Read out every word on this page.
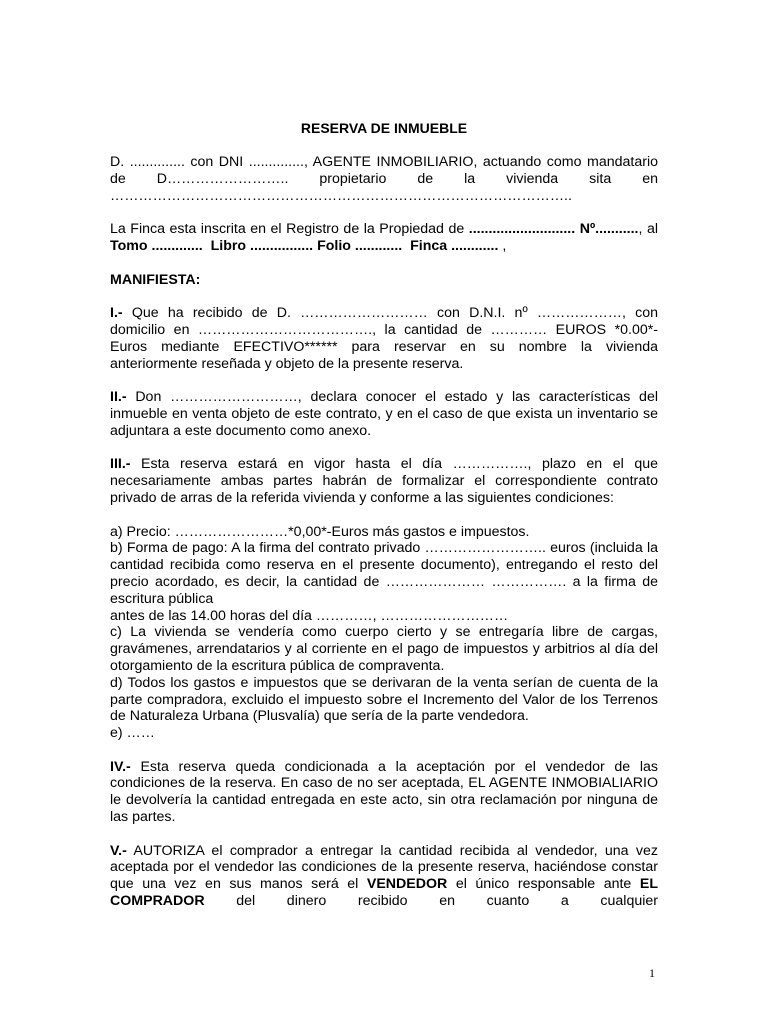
RESERVA DE INMUEBLE

D. .............. con DNI .............., AGENTE INMOBILIARIO, actuando como mandatario de D…………………….. propietario de la vivienda sita en ……………………………………………………………………………………..

La Finca esta inscrita en el Registro de la Propiedad de ........................... Nº..........., al Tomo ............. Libro ................ Folio ............ Finca ............ ,

MANIFIESTA:

I.- Que ha recibido de D. ……………………… con D.N.I. nº ………………, con domicilio en ………………………………., la cantidad de ………… EUROS *0.00*-Euros mediante EFECTIVO****** para reservar en su nombre la vivienda anteriormente reseñada y objeto de la presente reserva.

II.- Don ………………………, declara conocer el estado y las características del inmueble en venta objeto de este contrato, y en el caso de que exista un inventario se adjuntara a este documento como anexo.

III.- Esta reserva estará en vigor hasta el día ……………., plazo en el que necesariamente ambas partes habrán de formalizar el correspondiente contrato privado de arras de la referida vivienda y conforme a las siguientes condiciones:

a) Precio: ……………………*0,00*-Euros más gastos e impuestos.

b) Forma de pago: A la firma del contrato privado …………………….. euros (incluida la cantidad recibida como reserva en el presente documento), entregando el resto del precio acordado, es decir, la cantidad de ………………… ……………. a la firma de escritura pública

antes de las 14.00 horas del día …………, ………………………

c) La vivienda se vendería como cuerpo cierto y se entregaría libre de cargas, gravámenes, arrendatarios y al corriente en el pago de impuestos y arbitrios al día del otorgamiento de la escritura pública de compraventa.

d) Todos los gastos e impuestos que se derivaran de la venta serían de cuenta de la parte compradora, excluido el impuesto sobre el Incremento del Valor de los Terrenos de Naturaleza Urbana (Plusvalía) que sería de la parte vendedora.

e) ……

IV.- Esta reserva queda condicionada a la aceptación por el vendedor de las condiciones de la reserva. En caso de no ser aceptada, EL AGENTE INMOBIALIARIO le devolvería la cantidad entregada en este acto, sin otra reclamación por ninguna de las partes.

V.- AUTORIZA el comprador a entregar la cantidad recibida al vendedor, una vez aceptada por el vendedor las condiciones de la presente reserva, haciéndose constar que una vez en sus manos será el VENDEDOR el único responsable ante EL COMPRADOR del dinero recibido en cuanto a cualquier

1
